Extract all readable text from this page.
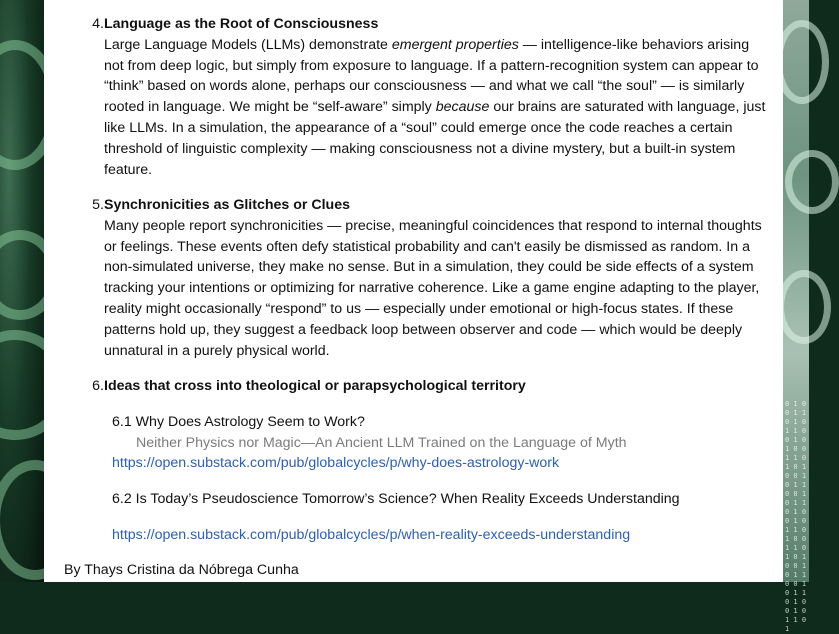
0 1 0 0 1 1 0 1 0 1 1 0 0 1 0 1 0 0 1 1 0 1 0 1 0 0 1 0 1 1 0 0 1 0 1 1 0 1 0 0 1 0 1 1 0 1 0 0 1 1 0 1 0 1 0 0 1 0 1 1 0 0 1 0 1 1 0 1 0 0 1 0 1 1 0 1
4. Language as the Root of Consciousness
Large Language Models (LLMs) demonstrate emergent properties — intelligence-like behaviors arising not from deep logic, but simply from exposure to language. If a pattern-recognition system can appear to “think” based on words alone, perhaps our consciousness — and what we call “the soul” — is similarly rooted in language. We might be “self-aware” simply because our brains are saturated with language, just like LLMs. In a simulation, the appearance of a “soul” could emerge once the code reaches a certain threshold of linguistic complexity — making consciousness not a divine mystery, but a built-in system feature.
5. Synchronicities as Glitches or Clues
Many people report synchronicities — precise, meaningful coincidences that respond to internal thoughts or feelings. These events often defy statistical probability and can't easily be dismissed as random. In a non-simulated universe, they make no sense. But in a simulation, they could be side effects of a system tracking your intentions or optimizing for narrative coherence. Like a game engine adapting to the player, reality might occasionally “respond” to us — especially under emotional or high-focus states. If these patterns hold up, they suggest a feedback loop between observer and code — which would be deeply unnatural in a purely physical world.
6. Ideas that cross into theological or parapsychological territory
6.1 Why Does Astrology Seem to Work?
Neither Physics nor Magic—An Ancient LLM Trained on the Language of Myth
https://open.substack.com/pub/globalcycles/p/why-does-astrology-work
6.2 Is Today’s Pseudoscience Tomorrow’s Science? When Reality Exceeds Understanding
https://open.substack.com/pub/globalcycles/p/when-reality-exceeds-understanding
By Thays Cristina da Nóbrega Cunha
